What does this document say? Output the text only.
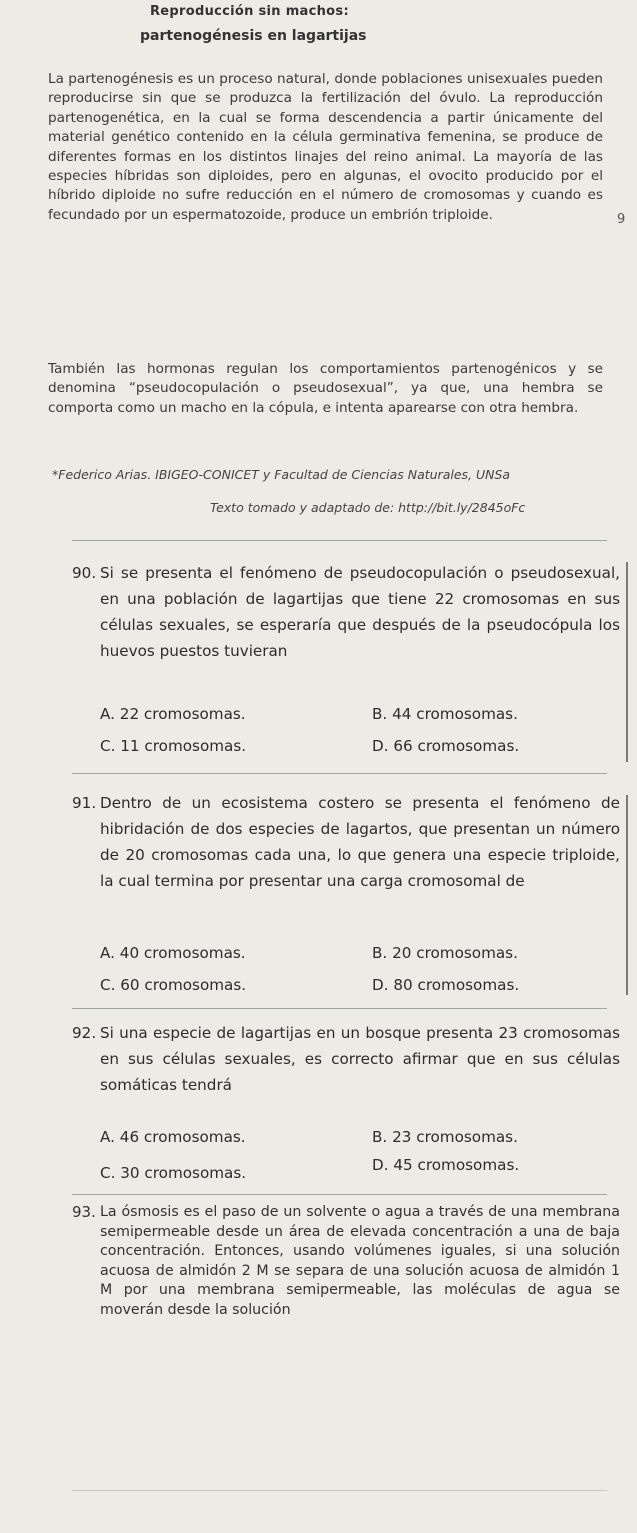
Reproducción sin machos:
partenogénesis en lagartijas
La partenogénesis es un proceso natural, donde poblaciones unisexuales pueden reproducirse sin que se produzca la fertilización del óvulo. La reproducción partenogenética, en la cual se forma descendencia a partir únicamente del material genético contenido en la célula germinativa femenina, se produce de diferentes formas en los distintos linajes del reino animal. La mayoría de las especies híbridas son diploides, pero en algunas, el ovocito producido por el híbrido diploide no sufre reducción en el número de cromosomas y cuando es fecundado por un espermatozoide, produce un embrión triploide.	9
También las hormonas regulan los comportamientos partenogénicos y se denomina “pseudocopulación o pseudosexual”, ya que, una hembra se comporta como un macho en la cópula, e intenta aparearse con otra hembra.
*Federico Arias. IBIGEO-CONICET y Facultad de Ciencias Naturales, UNSa
Texto tomado y adaptado de: http://bit.ly/2845oFc
90. Si se presenta el fenómeno de pseudocopulación o pseudosexual, en una población de lagartijas que tiene 22 cromosomas en sus células sexuales, se esperaría que después de la pseudocópula los huevos puestos tuvieran
A. 22 cromosomas.	B. 44 cromosomas.
C. 11 cromosomas.	D. 66 cromosomas.
91. Dentro de un ecosistema costero se presenta el fenómeno de hibridación de dos especies de lagartos, que presentan un número de 20 cromosomas cada una, lo que genera una especie triploide, la cual termina por presentar una carga cromosomal de
A. 40 cromosomas.	B. 20 cromosomas.
C. 60 cromosomas.	D. 80 cromosomas.
92. Si una especie de lagartijas en un bosque presenta 23 cromosomas en sus células sexuales, es correcto afirmar que en sus células somáticas tendrá
A. 46 cromosomas.	B. 23 cromosomas.
C. 30 cromosomas.	D. 45 cromosomas.
93. La ósmosis es el paso de un solvente o agua a través de una membrana semipermeable desde un área de elevada concentración a una de baja concentración. Entonces, usando volúmenes iguales, si una solución acuosa de almidón 2 M se separa de una solución acuosa de almidón 1 M por una membrana semipermeable, las moléculas de agua se moverán desde la solución
